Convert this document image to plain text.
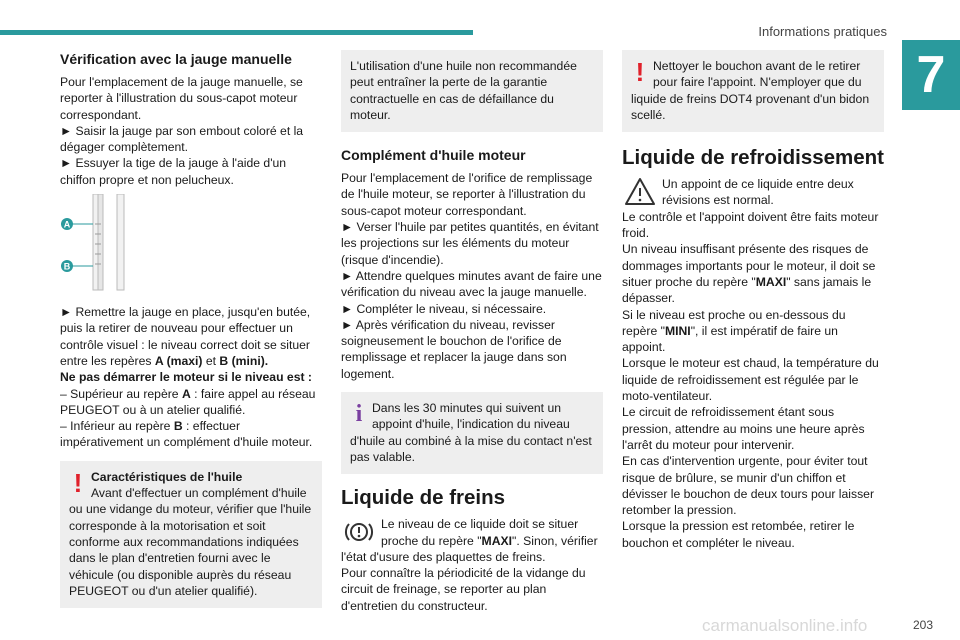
Informations pratiques
7
Vérification avec la jauge manuelle

Pour l'emplacement de la jauge manuelle, se reporter à l'illustration du sous-capot moteur correspondant.

► Saisir la jauge par son embout coloré et la dégager complètement.

► Essuyer la tige de la jauge à l'aide d'un chiffon propre et non pelucheux.

A
B

► Remettre la jauge en place, jusqu'en butée, puis la retirer de nouveau pour effectuer un contrôle visuel : le niveau correct doit se situer entre les repères A (maxi) et B (mini).

Ne pas démarrer le moteur si le niveau est :

– Supérieur au repère A : faire appel au réseau PEUGEOT ou à un atelier qualifié.

– Inférieur au repère B : effectuer impérativement un complément d'huile moteur.

! Caractéristiques de l'huile
Avant d'effectuer un complément d'huile ou une vidange du moteur, vérifier que l'huile corresponde à la motorisation et soit conforme aux recommandations indiquées dans le plan d'entretien fourni avec le véhicule (ou disponible auprès du réseau PEUGEOT ou d'un atelier qualifié).
L'utilisation d'une huile non recommandée peut entraîner la perte de la garantie contractuelle en cas de défaillance du moteur.
Complément d'huile moteur

Pour l'emplacement de l'orifice de remplissage de l'huile moteur, se reporter à l'illustration du sous-capot moteur correspondant.

► Verser l'huile par petites quantités, en évitant les projections sur les éléments du moteur (risque d'incendie).

► Attendre quelques minutes avant de faire une vérification du niveau avec la jauge manuelle.

► Compléter le niveau, si nécessaire.

► Après vérification du niveau, revisser soigneusement le bouchon de l'orifice de remplissage et replacer la jauge dans son logement.

i Dans les 30 minutes qui suivent un appoint d'huile, l'indication du niveau d'huile au combiné à la mise du contact n'est pas valable.
Liquide de freins
Le niveau de ce liquide doit se situer proche du repère "MAXI". Sinon, vérifier l'état d'usure des plaquettes de freins.

Pour connaître la périodicité de la vidange du circuit de freinage, se reporter au plan d'entretien du constructeur.

! Nettoyer le bouchon avant de le retirer pour faire l'appoint. N'employer que du liquide de freins DOT4 provenant d'un bidon scellé.
Liquide de refroidissement
Un appoint de ce liquide entre deux révisions est normal.

Le contrôle et l'appoint doivent être faits moteur froid.

Un niveau insuffisant présente des risques de dommages importants pour le moteur, il doit se situer proche du repère "MAXI" sans jamais le dépasser.

Si le niveau est proche ou en-dessous du repère "MINI", il est impératif de faire un appoint.

Lorsque le moteur est chaud, la température du liquide de refroidissement est régulée par le moto-ventilateur.

Le circuit de refroidissement étant sous pression, attendre au moins une heure après l'arrêt du moteur pour intervenir.

En cas d'intervention urgente, pour éviter tout risque de brûlure, se munir d'un chiffon et dévisser le bouchon de deux tours pour laisser retomber la pression.

Lorsque la pression est retombée, retirer le bouchon et compléter le niveau.

carmanualsonline.info	203
